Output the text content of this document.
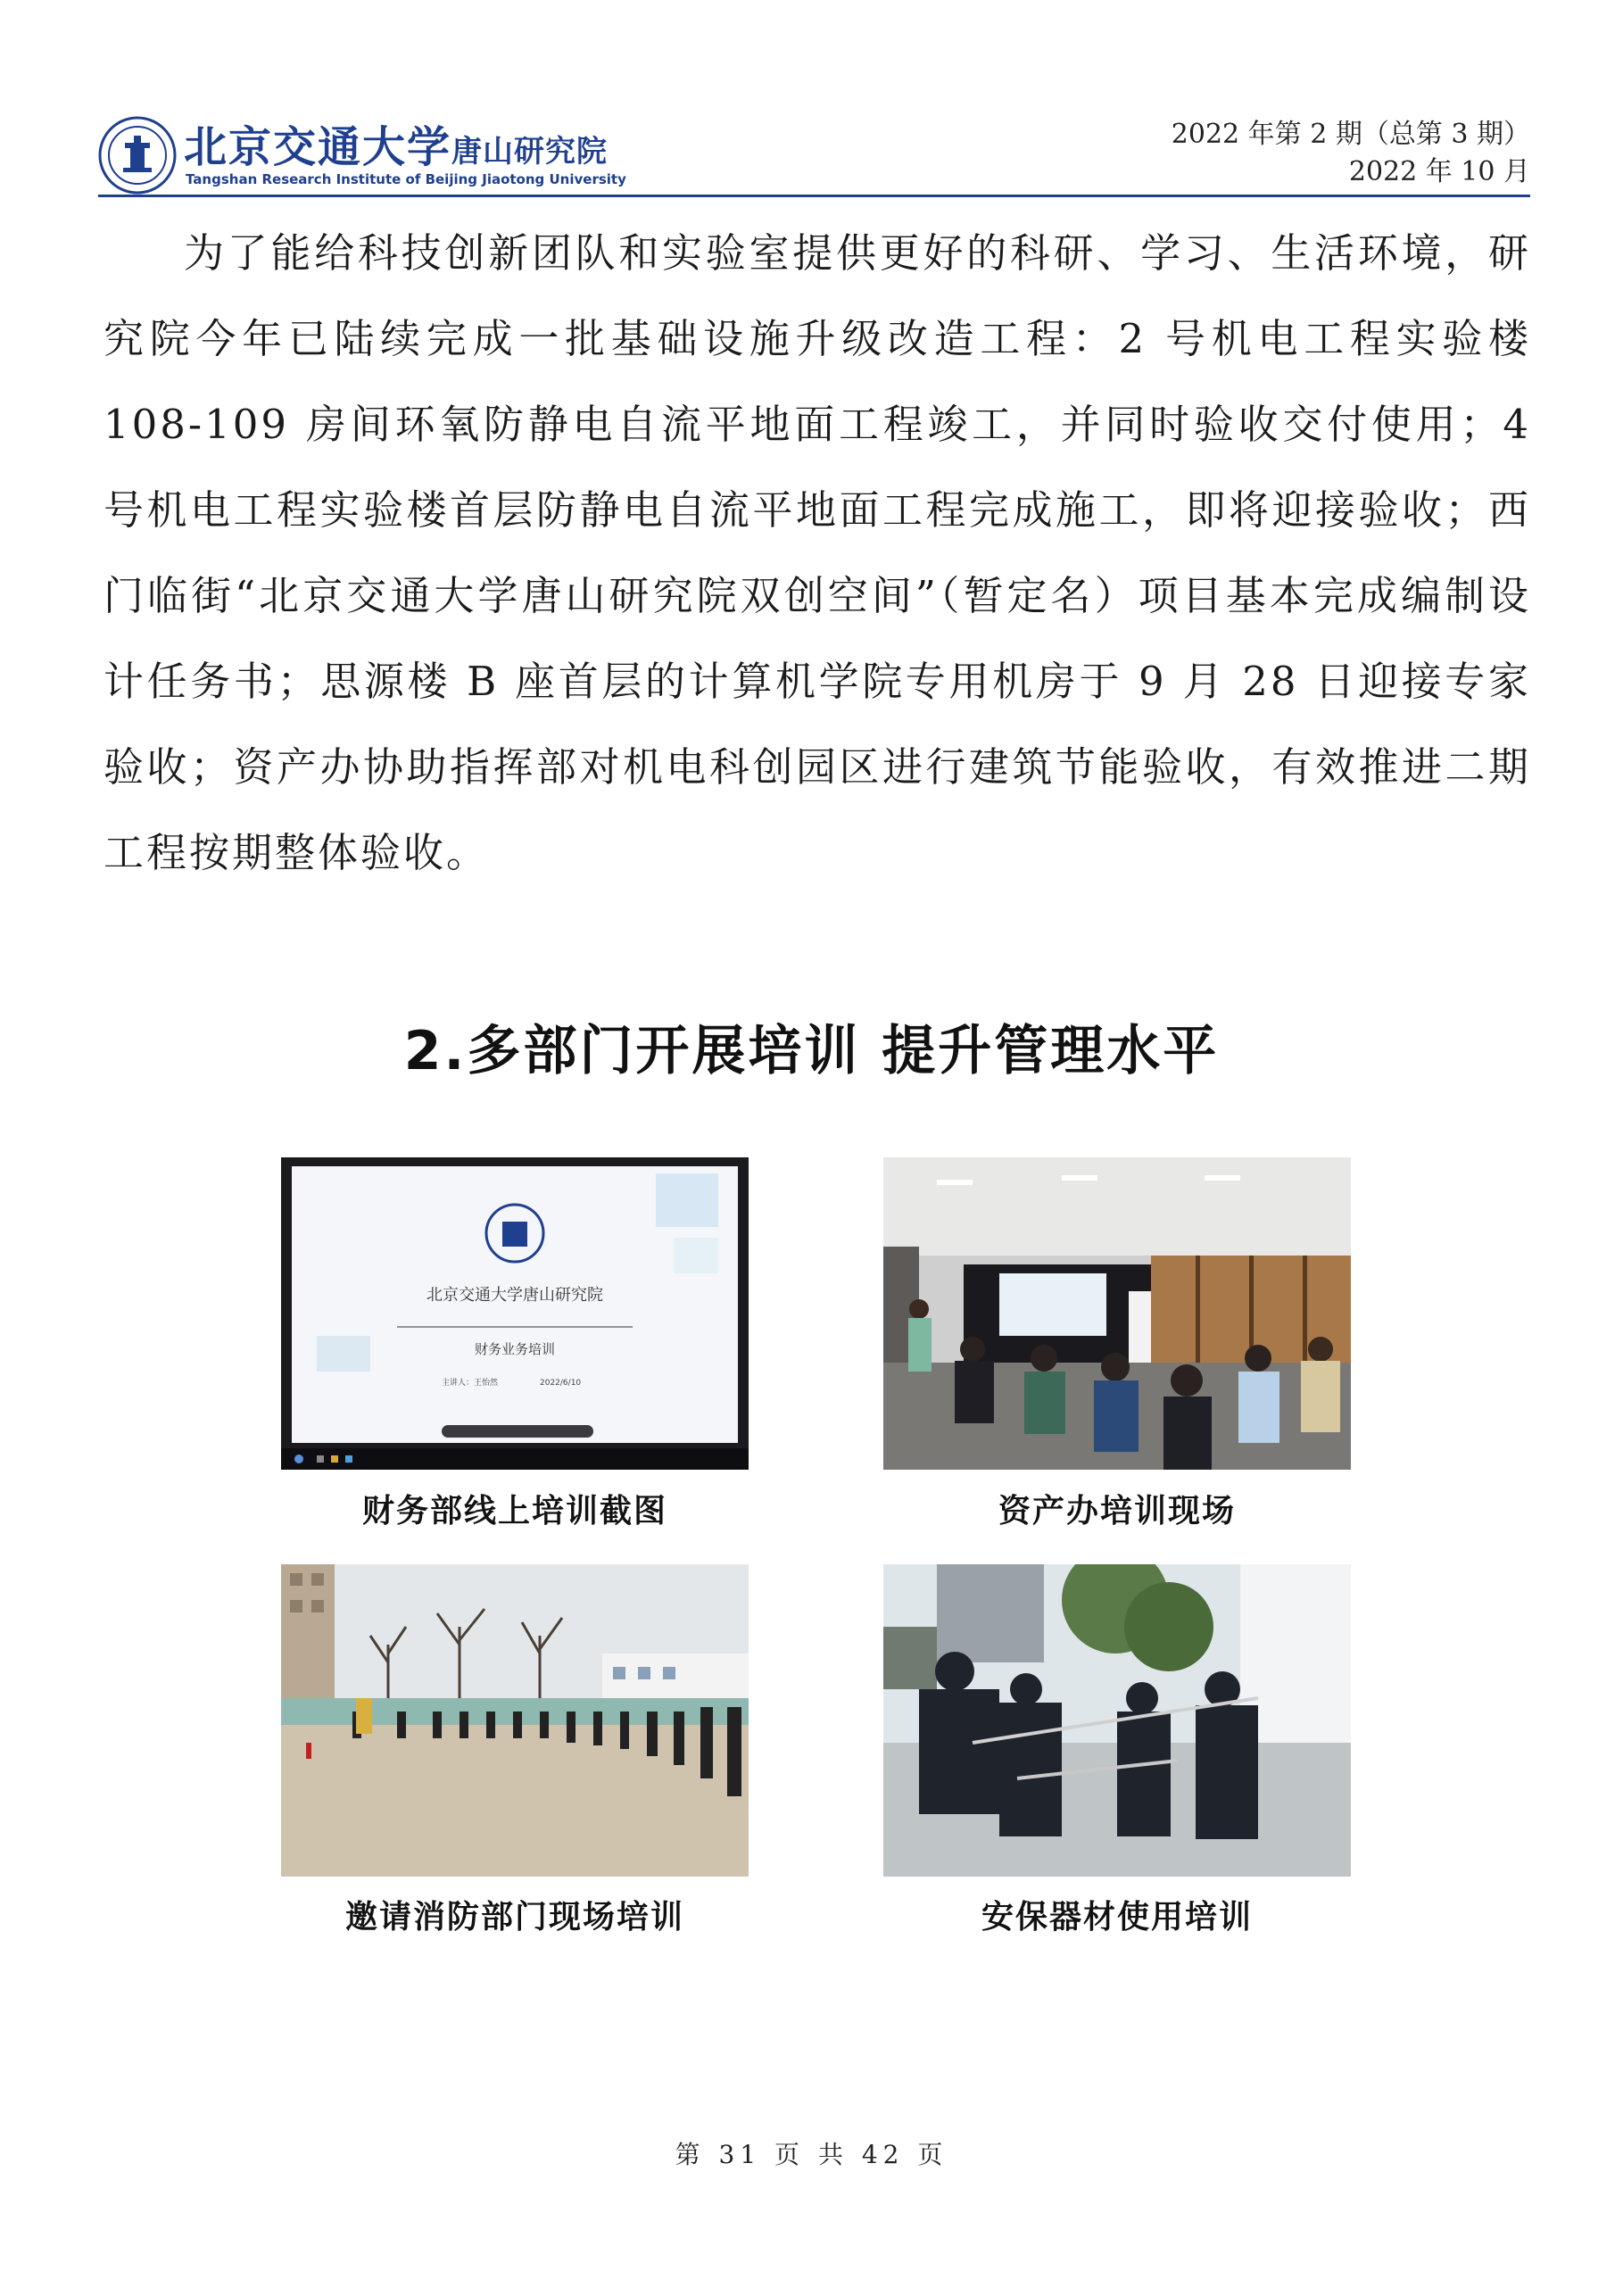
北京交通大学唐山研究院
Tangshan Research Institute of Beijing Jiaotong University
2022 年第 2 期（总第 3 期）
2022 年 10 月

为了能给科技创新团队和实验室提供更好的科研、学习、生活环境，研究院今年已陆续完成一批基础设施升级改造工程：2 号机电工程实验楼108-109 房间环氧防静电自流平地面工程竣工，并同时验收交付使用；4 号机电工程实验楼首层防静电自流平地面工程完成施工，即将迎接验收；西门临街“北京交通大学唐山研究院双创空间”（暂定名）项目基本完成编制设计任务书；思源楼 B 座首层的计算机学院专用机房于 9 月 28 日迎接专家验收；资产办协助指挥部对机电科创园区进行建筑节能验收，有效推进二期工程按期整体验收。

2.多部门开展培训 提升管理水平
北京交通大学唐山研究院
财务业务培训
主讲人：王怡然	2022/6/10
财务部线上培训截图	资产办培训现场
邀请消防部门现场培训	安保器材使用培训
第 31 页 共 42 页
